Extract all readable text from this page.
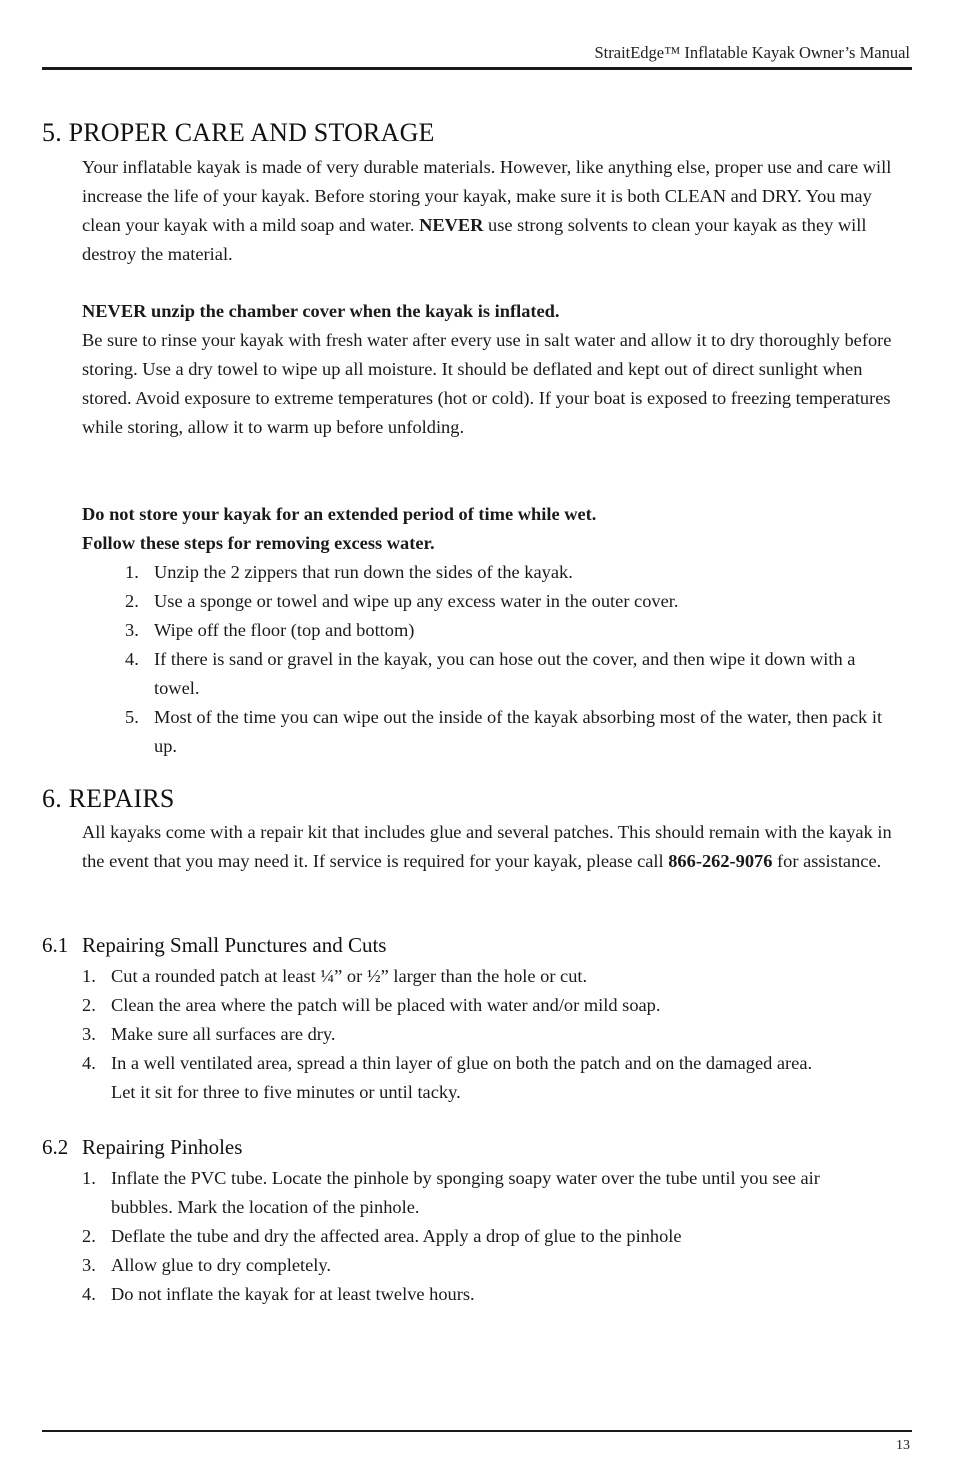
StraitEdge™ Inflatable Kayak Owner’s Manual
5. PROPER CARE AND STORAGE

Your inflatable kayak is made of very durable materials. However, like anything else, proper use and care will increase the life of your kayak. Before storing your kayak, make sure it is both CLEAN and DRY. You may clean your kayak with a mild soap and water. NEVER use strong solvents to clean your kayak as they will destroy the material.

NEVER unzip the chamber cover when the kayak is inflated.

Be sure to rinse your kayak with fresh water after every use in salt water and allow it to dry thoroughly before storing. Use a dry towel to wipe up all moisture. It should be deflated and kept out of direct sunlight when stored. Avoid exposure to extreme temperatures (hot or cold). If your boat is exposed to freezing temperatures while storing, allow it to warm up before unfolding.

Do not store your kayak for an extended period of time while wet.

Follow these steps for removing excess water.

1. Unzip the 2 zippers that run down the sides of the kayak.
2. Use a sponge or towel and wipe up any excess water in the outer cover.
3. Wipe off the floor (top and bottom)
4. If there is sand or gravel in the kayak, you can hose out the cover, and then wipe it down with a towel.
5. Most of the time you can wipe out the inside of the kayak absorbing most of the water, then pack it up.
6. REPAIRS

All kayaks come with a repair kit that includes glue and several patches. This should remain with the kayak in the event that you may need it. If service is required for your kayak, please call 866-262-9076 for assistance.

6.1 Repairing Small Punctures and Cuts
1. Cut a rounded patch at least ¼” or ½” larger than the hole or cut.
2. Clean the area where the patch will be placed with water and/or mild soap.
3. Make sure all surfaces are dry.
4. In a well ventilated area, spread a thin layer of glue on both the patch and on the damaged area. Let it sit for three to five minutes or until tacky.
6.2 Repairing Pinholes
1. Inflate the PVC tube. Locate the pinhole by sponging soapy water over the tube until you see air bubbles. Mark the location of the pinhole.
2. Deflate the tube and dry the affected area. Apply a drop of glue to the pinhole
3. Allow glue to dry completely.
4. Do not inflate the kayak for at least twelve hours.
13
